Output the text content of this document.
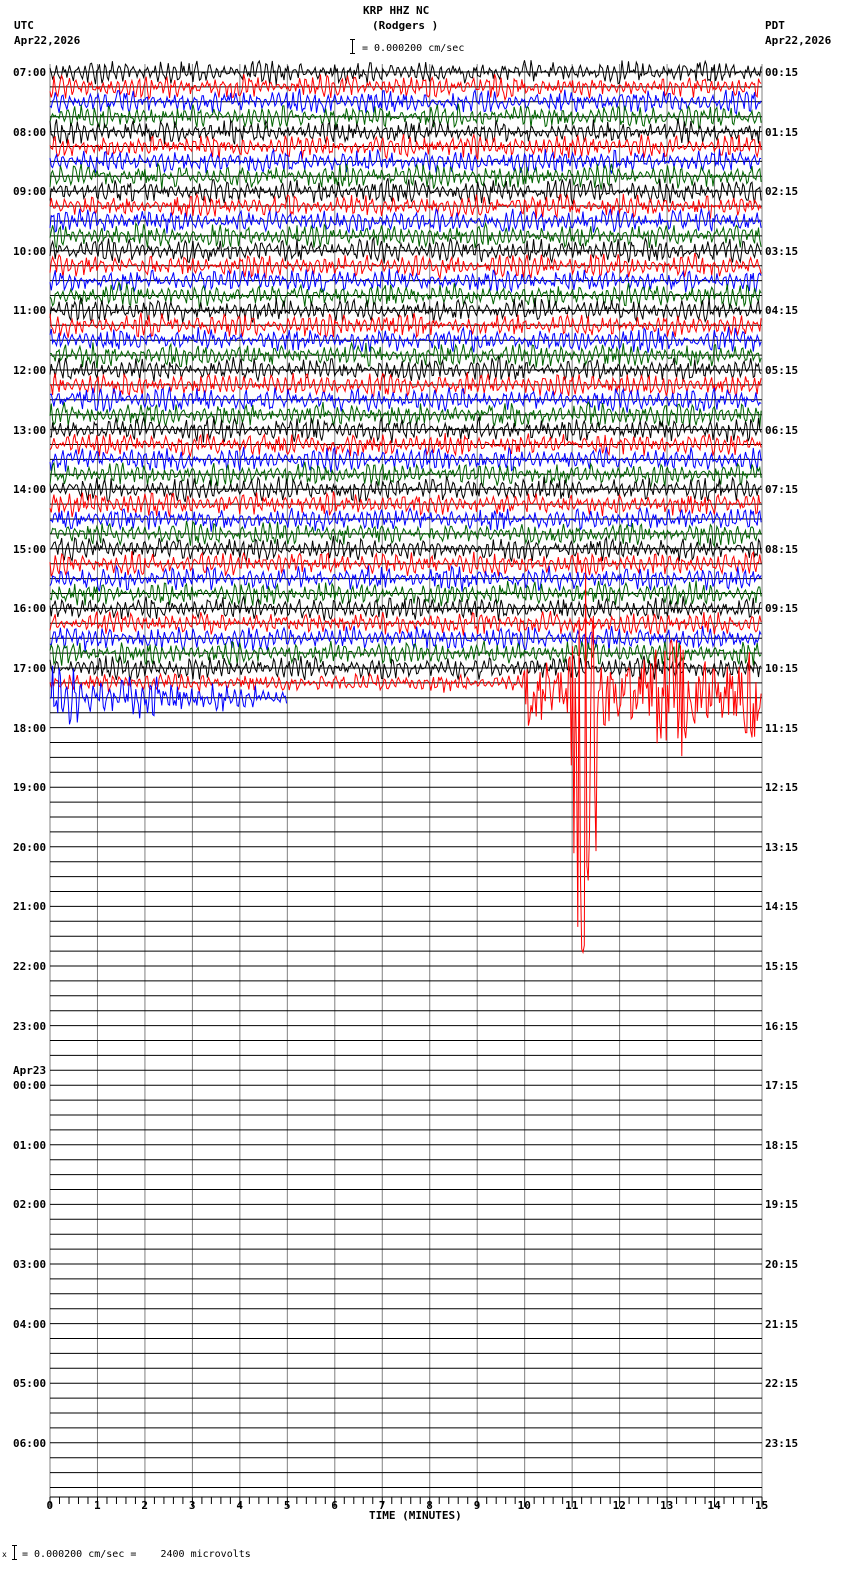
KRP HHZ NC
(Rodgers )
= 0.000200 cm/sec
UTC
Apr22,2026
PDT
Apr22,2026
07:00
08:00
09:00
10:00
11:00
12:00
13:00
14:00
15:00
16:00
17:00
18:00
19:00
20:00
21:00
22:00
23:00
Apr23
00:00
01:00
02:00
03:00
04:00
05:00
06:00
00:15
01:15
02:15
03:15
04:15
05:15
06:15
07:15
08:15
09:15
10:15
11:15
12:15
13:15
14:15
15:15
16:15
17:15
18:15
19:15
20:15
21:15
22:15
23:15
0	1	2	3	4	5	6	7	8	9	10	11	12	13	14	15
TIME (MINUTES)
x = 0.000200 cm/sec =    2400 microvolts
